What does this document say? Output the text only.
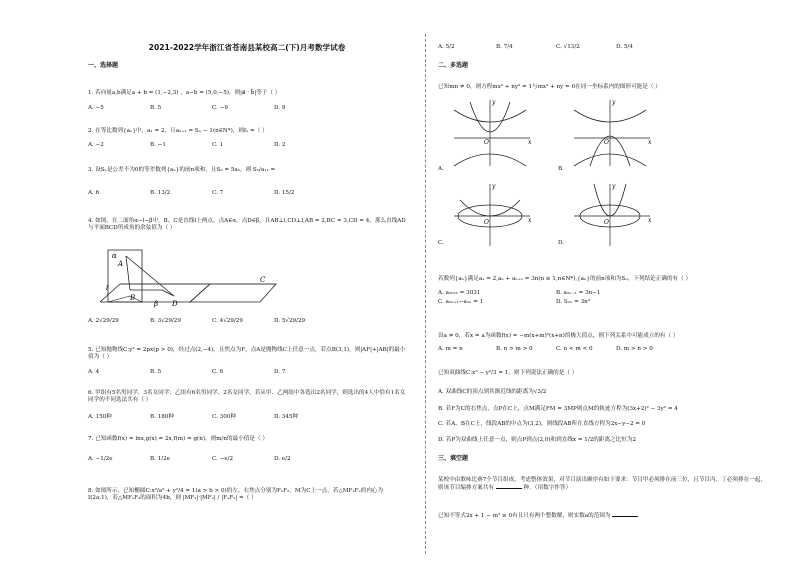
2021-2022学年浙江省苍南县某校高二(下)月考数学试卷
一、选择题
1. 若向量a,b满足a + b = (1,−2,3) ，a−b = (5,0,−5)，则|a⃗ · b⃗|等于（ ）
A. −5	B. 5	C. −9	D. 9
2. 在等比数列{aₙ}中，a₁ = 2，且aₙ₊₁ = Sₙ − 1(n∈N*)，则f₁ =（ ）
A. −2	B. −1	C. 1	D. 2
3. 设Sₙ是公差不为0的等差数列{aₙ}的前n项和，且S₅ = 5a₅，则 S₅/a₁₁ =
A. 6	B. 13/2	C. 7	D. 15/2
4. 如图，在二面角α−l−β中，B、C是直线l上两点，点A∈α，点D∈β，且AB⊥l,CD⊥l,AB = 2,BC = 3,CD = 4，那么直线AD与平面BCD所成角的余弦值为（ ）
α
A
l
B
C
β D
A. 2√29/29	B. 3√29/29	C. 4√29/29	D. 5√29/29
5. 已知抛物线C:y² = 2px(p > 0)，经过点(2,−4)，且焦点为F，点A是抛物线C上任意一点，若点B(3,1)，则|AF|+|AB|的最小值为（ ）
A. 4	B. 5	C. 6	D. 7
6. 甲组有5名男同学，3名女同学；乙组有6名男同学、2名女同学，若从甲、乙两组中各选出2名同学，则选出的4人中恰有1名女同学的不同选法共有（ ）
A. 150种	B. 180种	C. 300种	D. 345种
7. 已知函数f(x) = lnx,g(x) = 2x,f(m) = g(n)，则m/n的最小值是（ ）
A. −1/2e	B. 1/2e	C. −e/2	D. e/2
8. 如图所示，已知椭圆C:x²/a² + y²/4 = 1(a > b > 0)的左、右焦点分别为F₁F₂，M为C上一点，若△MF₁F₂的内心为I(2a,1)，若△MF₁F₂的面积为4b，则 |MF₁|·|MF₂| / |F₁F₂| =（ ）
A. 5/2	B. 7/4	C. √13/2	D. 5/4
二、多选题
已知mn ≠ 0，则方程mx² + ny² = 1与mx² + ny = 0在同一坐标系内的图形可能是（ ）
y
x
O
A.
y
x
O
B.
y
x
O
C.
y
x
O
D.
若数列{aₙ}满足a₁ = 2,aₙ + aₙ₊₁ = 3n(n ≥ 1,n∈N*),{aₙ}的前n项和为Sₙ，下列结论正确的有（ ）
A. a₂₀₂₂ = 3031	B. a₂ₙ₋₁ = 3n−1
C. a₂ₙ₊₁−a₂ₙ = 1	D. S₂ₙ = 3n²
设a ≠ 0，若x = a为函数f(x) = −m(x+m)²(x+n)的极大值点，则下列关系中可能成立的有（ ）
A. m = n	B. n > m > 0	C. n < m < 0	D. m > n > 0
已知双曲线C:x² − y²/3 = 1，则下列说法正确的是（ ）
A. 双曲线C的顶点到其渐近线的距离为√3/2
B. 若F为C的右焦点，点P在C上，点M满足FM = 3MP则点M的轨迹方程为(3x+2)² − 3y² = 4
C. 若A、B在C上，线段AB的中点为(3,2)，则线段AB所在直线方程为2x−y−2 = 0
D. 若P为双曲线上任意一点，则点P到点(2,0)和到直线x = 1/2的距离之比恒为2
三、填空题
某校中由歌咏比赛7个节目组成，考虑整体效果，对节目演出顺序有如下要求：节目甲必须排在前三位，且节目丙、丁必须排在一起，则该节目编排方案共有	种．（用数字作答）
已知不等式2x + 1 − m² ≥ 0有且只有两个整数解，则实数a的范围为
